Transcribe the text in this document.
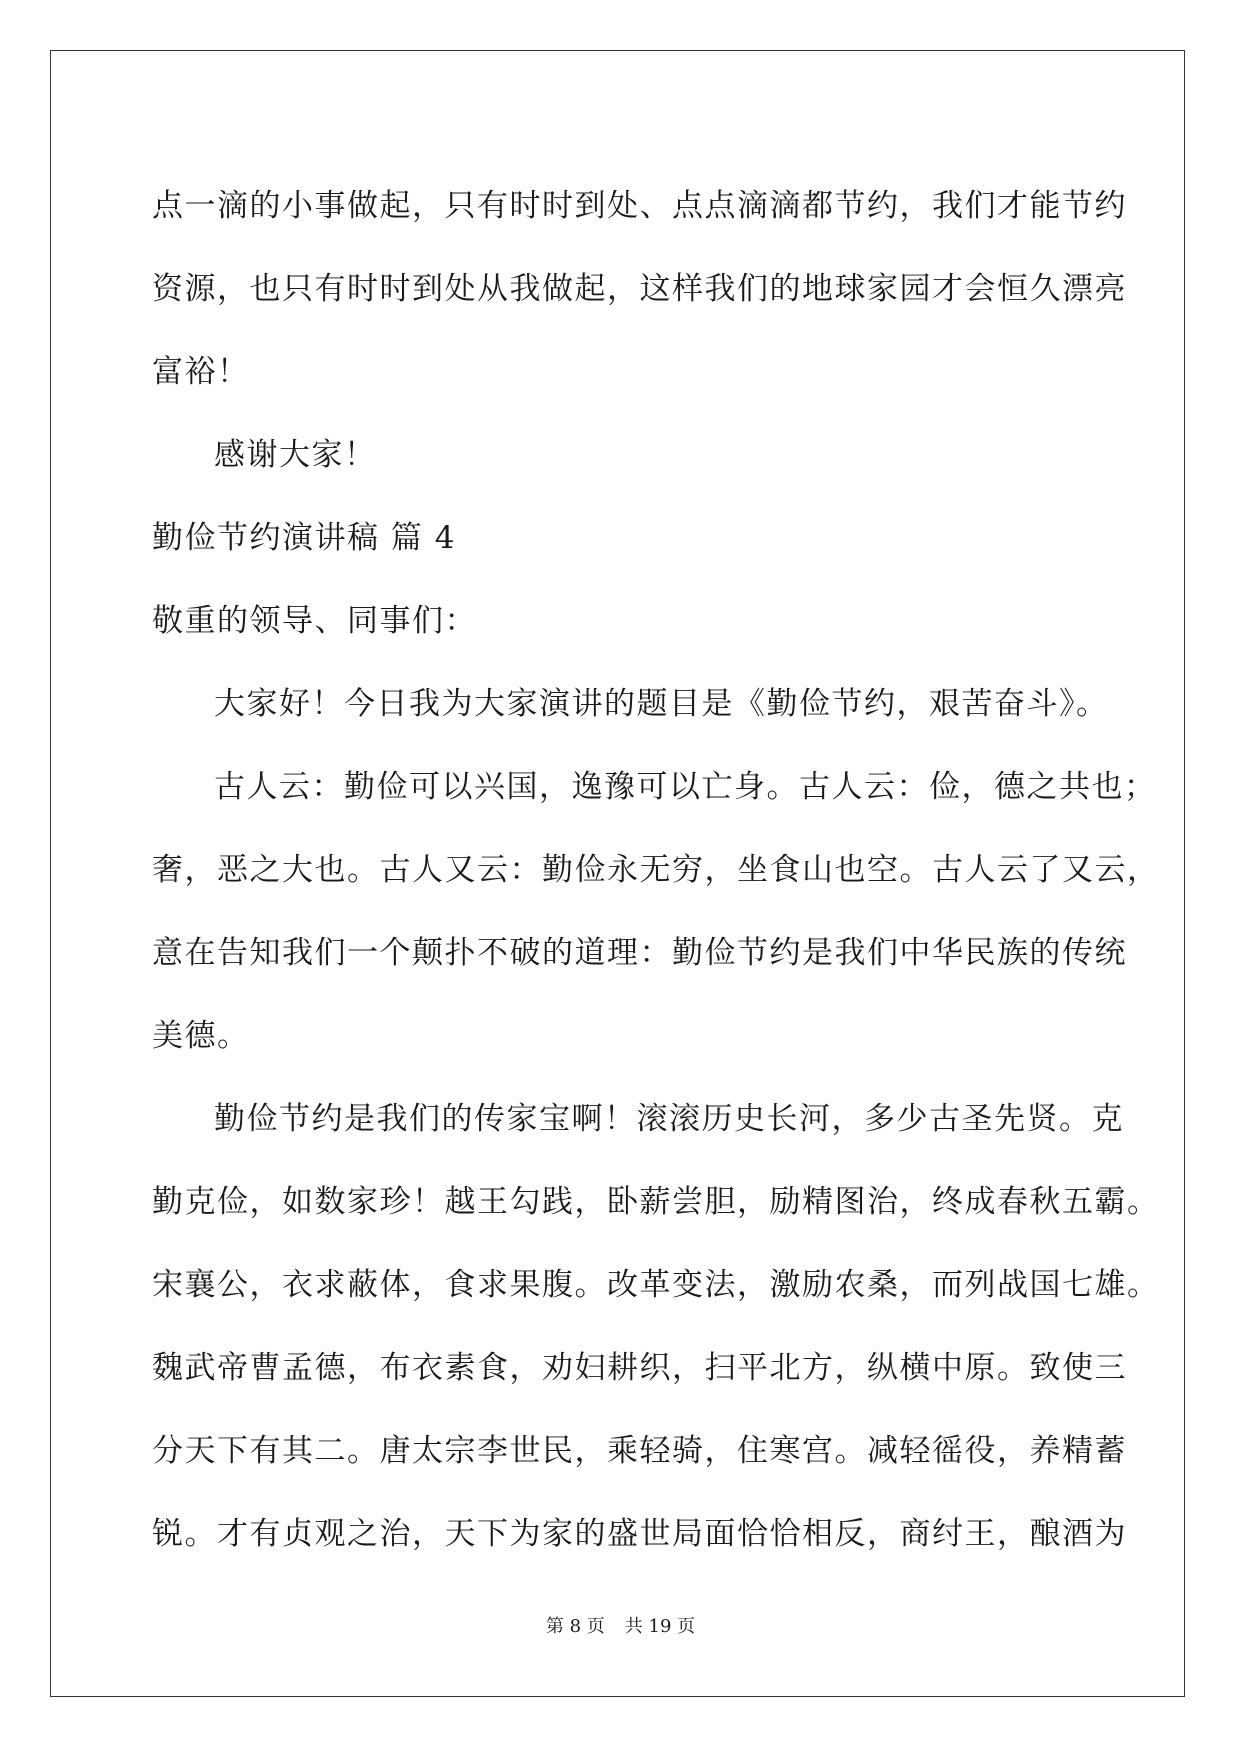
点一滴的小事做起，只有时时到处、点点滴滴都节约，我们才能节约
资源，也只有时时到处从我做起，这样我们的地球家园才会恒久漂亮
富裕！
感谢大家！
勤俭节约演讲稿 篇 4
敬重的领导、同事们：
大家好！今日我为大家演讲的题目是《勤俭节约，艰苦奋斗》。
古人云：勤俭可以兴国，逸豫可以亡身。古人云：俭，德之共也；
奢，恶之大也。古人又云：勤俭永无穷，坐食山也空。古人云了又云，
意在告知我们一个颠扑不破的道理：勤俭节约是我们中华民族的传统
美德。
勤俭节约是我们的传家宝啊！滚滚历史长河，多少古圣先贤。克
勤克俭，如数家珍！越王勾践，卧薪尝胆，励精图治，终成春秋五霸。
宋襄公，衣求蔽体，食求果腹。改革变法，激励农桑，而列战国七雄。
魏武帝曹孟德，布衣素食，劝妇耕织，扫平北方，纵横中原。致使三
分天下有其二。唐太宗李世民，乘轻骑，住寒宫。减轻徭役，养精蓄
锐。才有贞观之治，天下为家的盛世局面恰恰相反，商纣王，酿酒为
第 8 页 共 19 页
